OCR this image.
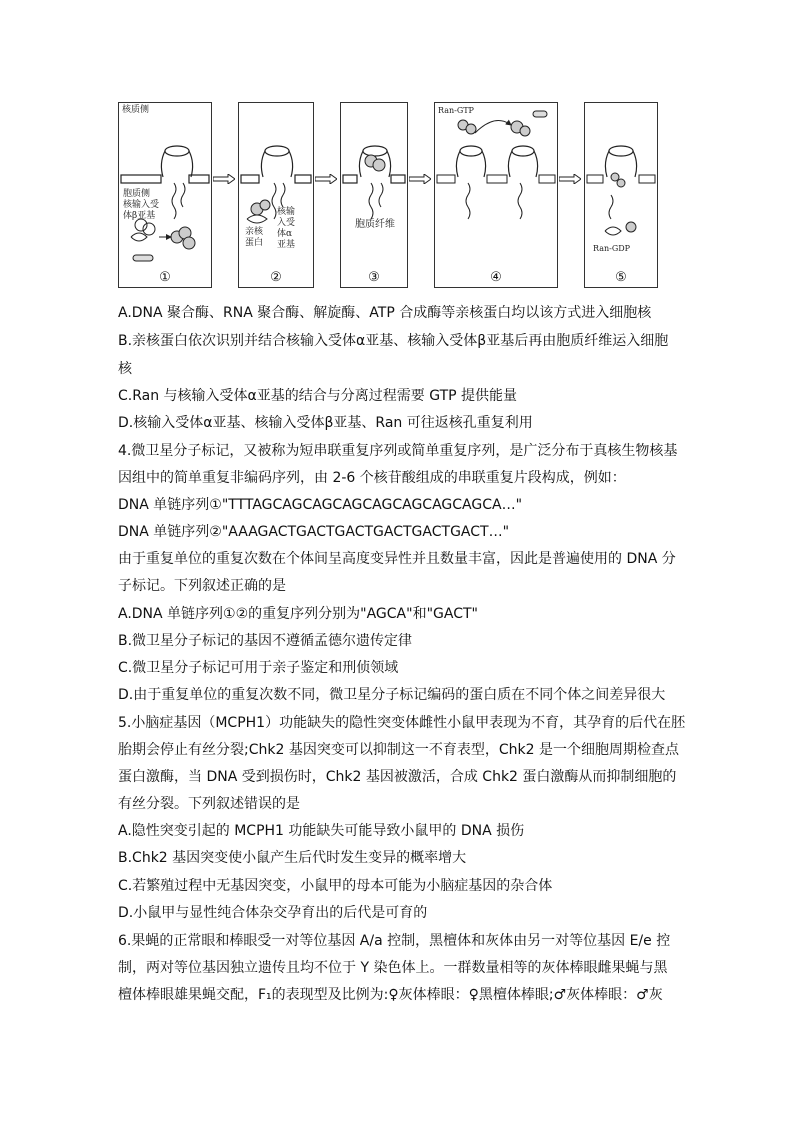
核质侧
胞质侧
核输入受
体β亚基
①
亲核
蛋白
核输
入受
体α
亚基
②
胞质纤维
③
Ran-GTP
④
Ran-GDP
⑤
A.DNA 聚合酶、RNA 聚合酶、解旋酶、ATP 合成酶等亲核蛋白均以该方式进入细胞核
B.亲核蛋白依次识别并结合核输入受体α亚基、核输入受体β亚基后再由胞质纤维运入细胞
核
C.Ran 与核输入受体α亚基的结合与分离过程需要 GTP 提供能量
D.核输入受体α亚基、核输入受体β亚基、Ran 可往返核孔重复利用
4.微卫星分子标记，又被称为短串联重复序列或简单重复序列，是广泛分布于真核生物核基
因组中的简单重复非编码序列，由 2-6 个核苷酸组成的串联重复片段构成，例如：
DNA 单链序列①"TTTAGCAGCAGCAGCAGCAGCAGCAGCA…"
DNA 单链序列②"AAAGACTGACTGACTGACTGACTGACT…"
由于重复单位的重复次数在个体间呈高度变异性并且数量丰富，因此是普遍使用的 DNA 分
子标记。下列叙述正确的是
A.DNA 单链序列①②的重复序列分别为"AGCA"和"GACT"
B.微卫星分子标记的基因不遵循孟德尔遗传定律
C.微卫星分子标记可用于亲子鉴定和刑侦领域
D.由于重复单位的重复次数不同，微卫星分子标记编码的蛋白质在不同个体之间差异很大
5.小脑症基因（MCPH1）功能缺失的隐性突变体雌性小鼠甲表现为不育，其孕育的后代在胚
胎期会停止有丝分裂;Chk2 基因突变可以抑制这一不育表型，Chk2 是一个细胞周期检查点
蛋白激酶，当 DNA 受到损伤时，Chk2 基因被激活，合成 Chk2 蛋白激酶从而抑制细胞的
有丝分裂。下列叙述错误的是
A.隐性突变引起的 MCPH1 功能缺失可能导致小鼠甲的 DNA 损伤
B.Chk2 基因突变使小鼠产生后代时发生变异的概率增大
C.若繁殖过程中无基因突变，小鼠甲的母本可能为小脑症基因的杂合体
D.小鼠甲与显性纯合体杂交孕育出的后代是可育的
6.果蝇的正常眼和棒眼受一对等位基因 A/a 控制，黑檀体和灰体由另一对等位基因 E/e 控
制，两对等位基因独立遗传且均不位于 Y 染色体上。一群数量相等的灰体棒眼雌果蝇与黑
檀体棒眼雄果蝇交配，F₁的表现型及比例为:♀灰体棒眼：♀黑檀体棒眼;♂灰体棒眼：♂灰
